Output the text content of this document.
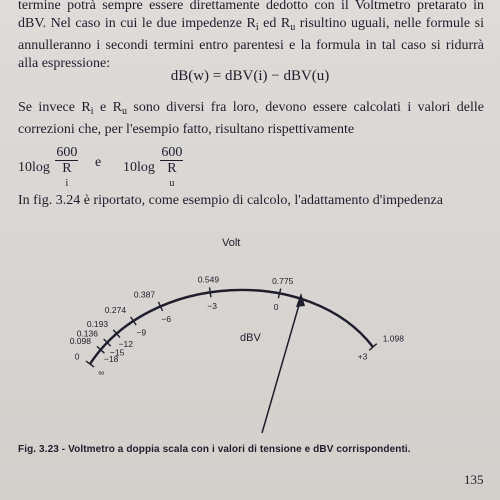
termine potrà sempre essere direttamente dedotto con il Voltmetro pretarato in dBV. Nel caso in cui le due impedenze $R_i$ ed $R_u$ risultino uguali, nelle formule si annulleranno i secondi termini entro parentesi e la formula in tal caso si ridurrà alla espressione:
dB(w) = dBV(i) − dBV(u)
Se invece $R_i$ e $R_u$ sono diversi fra loro, devono essere calcolati i valori delle correzioni che, per l'esempio fatto, risultano rispettivamente
10log 600
R
i e 10log 600
R
u
In fig. 3.24 è riportato, come esempio di calcolo, l'adattamento d'impedenza
Volt
dBV
0
∞
0.098
−18
0.136
−15
0.193
−12
0.274
−9
0.387
−6
0.549
−3
0.775
0
1.098
+3
Fig. 3.23 - Voltmetro a doppia scala con i valori di tensione e dBV corrispondenti.
135
